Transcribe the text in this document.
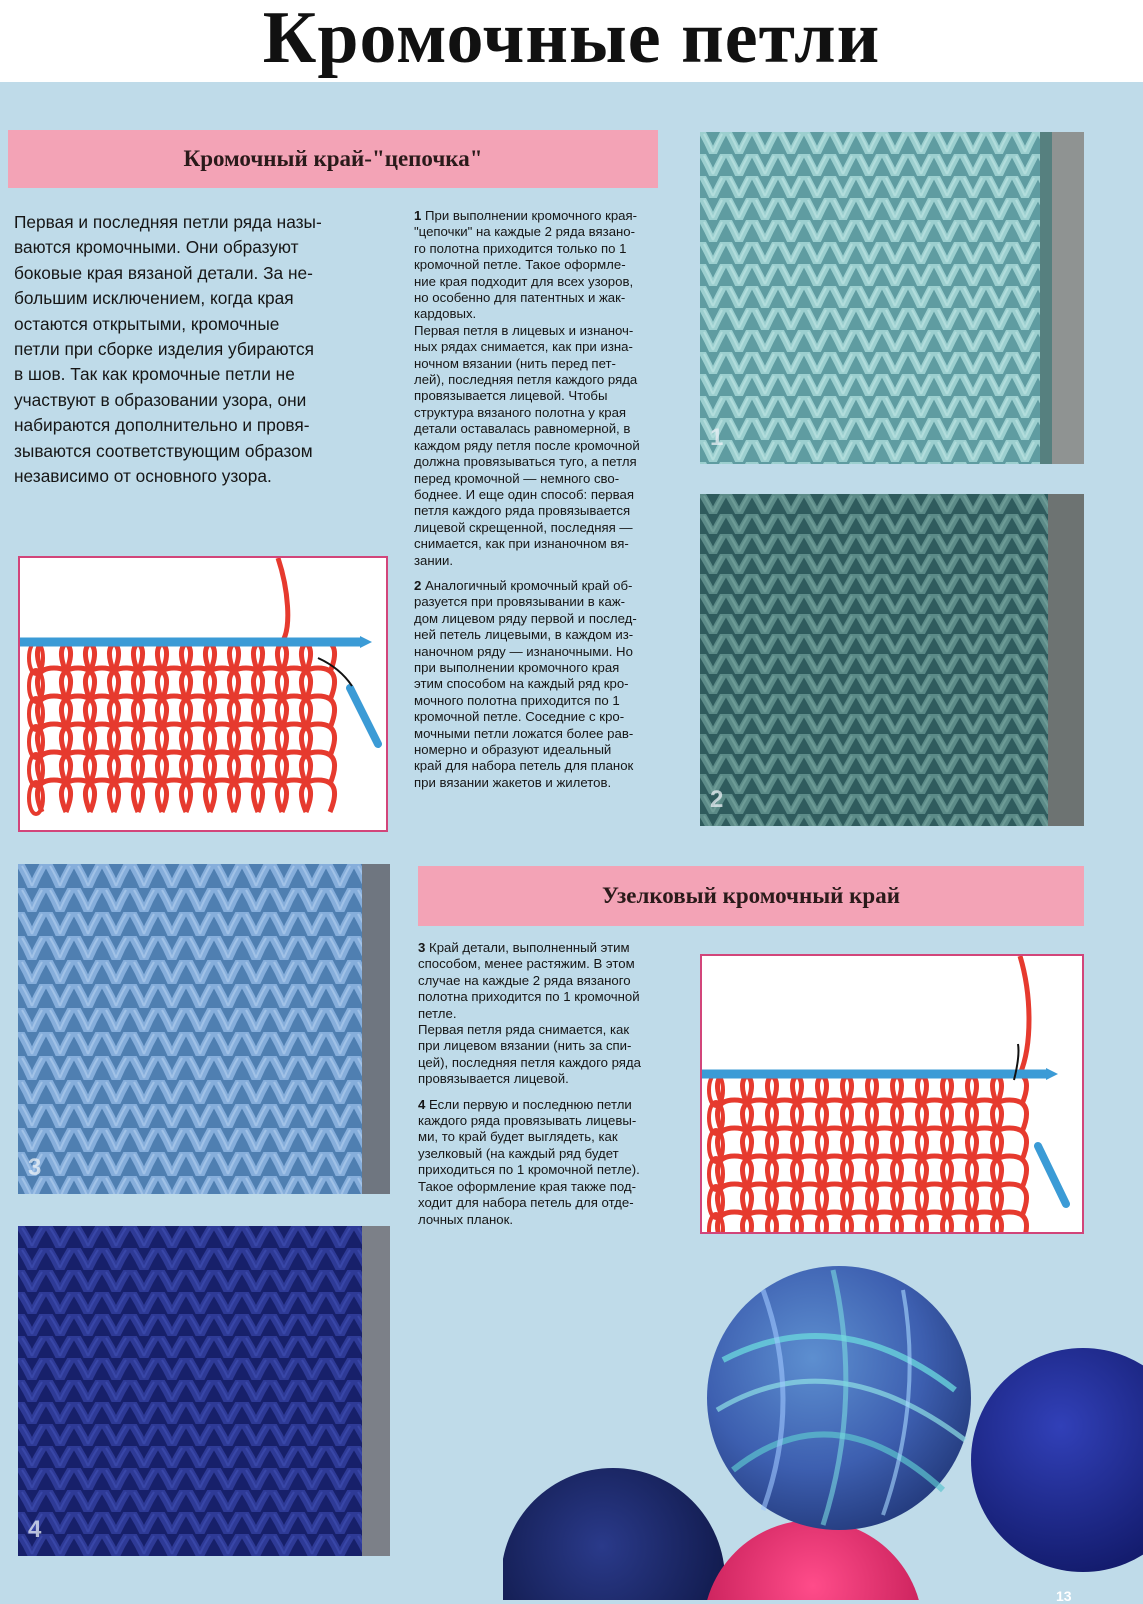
Кромочные петли
Кромочный край-"цепочка"

Первая и последняя петли ряда назы-

ваются кромочными. Они образуют

боковые края вязаной детали. За не-

большим исключением, когда края

остаются открытыми, кромочные

петли при сборке изделия убираются

в шов. Так как кромочные петли не

участвуют в образовании узора, они

набираются дополнительно и провя-

зываются соответствующим образом

независимо от основного узора.

1 При выполнении кромочного края-

"цепочки" на каждые 2 ряда вязано-

го полотна приходится только по 1

кромочной петле. Такое оформле-

ние края подходит для всех узоров,

но особенно для патентных и жак-

кардовых.

Первая петля в лицевых и изнаноч-

ных рядах снимается, как при изна-

ночном вязании (нить перед пет-

лей), последняя петля каждого ряда

провязывается лицевой. Чтобы

структура вязаного полотна у края

детали оставалась равномерной, в

каждом ряду петля после кромочной

должна провязываться туго, а петля

перед кромочной — немного сво-

боднее. И еще один способ: первая

петля каждого ряда провязывается

лицевой скрещенной, последняя —

снимается, как при изнаночном вя-

зании.

2 Аналогичный кромочный край об-

разуется при провязывании в каж-

дом лицевом ряду первой и послед-

ней петель лицевыми, в каждом из-

наночном ряду — изнаночными. Но

при выполнении кромочного края

этим способом на каждый ряд кро-

мочного полотна приходится по 1

кромочной петле. Соседние с кро-

мочными петли ложатся более рав-

номерно и образуют идеальный

край для набора петель для планок

при вязании жакетов и жилетов.

1
2
3
4
Узелковый кромочный край

3 Край детали, выполненный этим

способом, менее растяжим. В этом

случае на каждые 2 ряда вязаного

полотна приходится по 1 кромочной

петле.

Первая петля ряда снимается, как

при лицевом вязании (нить за спи-

цей), последняя петля каждого ряда

провязывается лицевой.

4 Если первую и последнюю петли

каждого ряда провязывать лицевы-

ми, то край будет выглядеть, как

узелковый (на каждый ряд будет

приходиться по 1 кромочной петле).

Такое оформление края также под-

ходит для набора петель для отде-

лочных планок.

13
